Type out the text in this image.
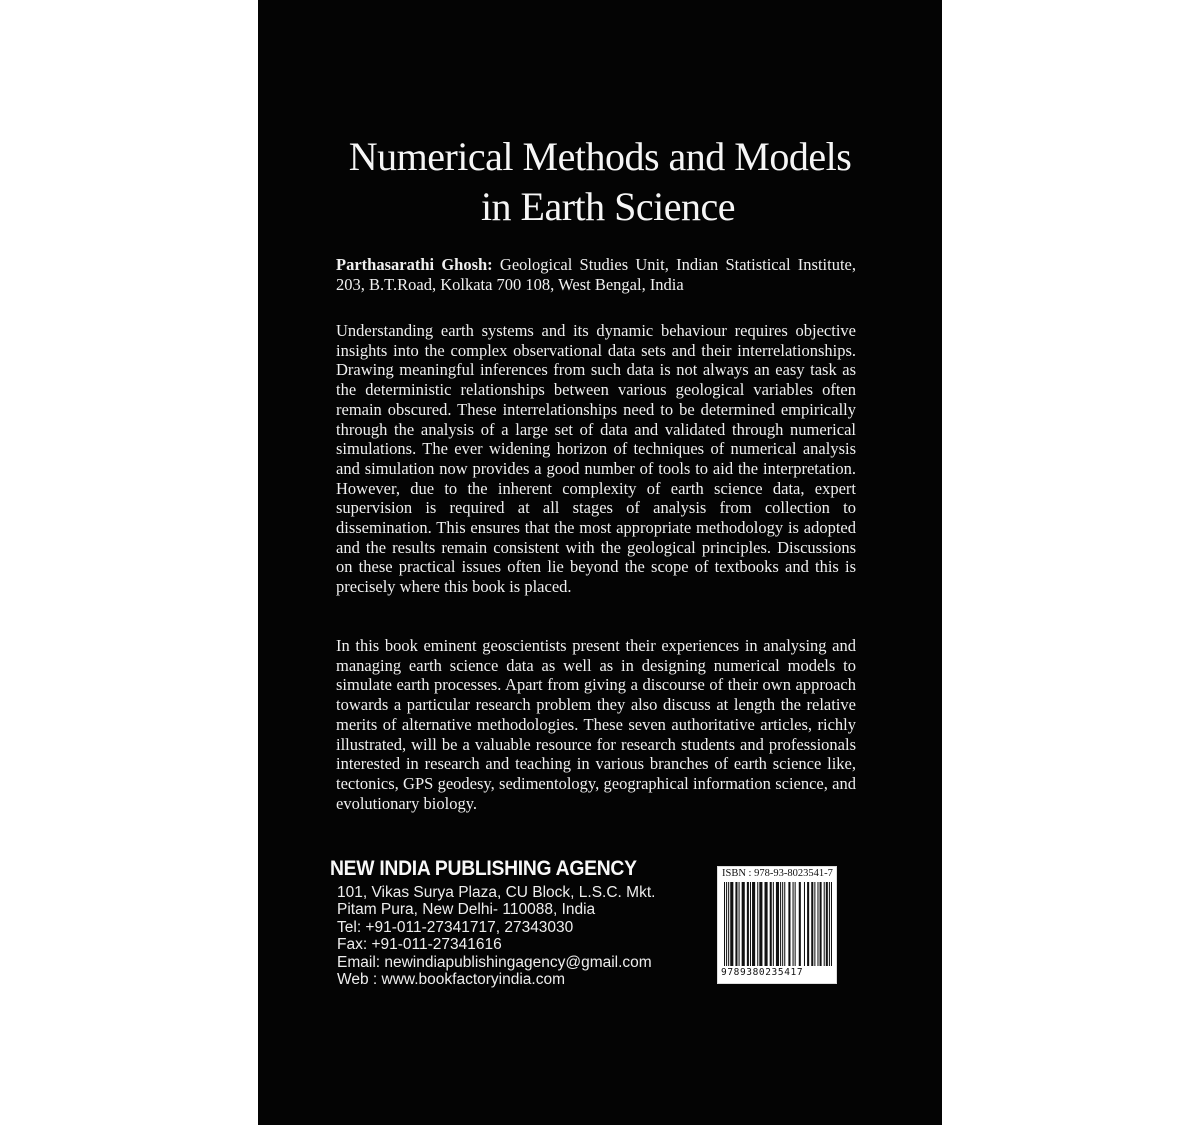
Numerical Methods and Models
in Earth Science
Parthasarathi Ghosh: Geological Studies Unit, Indian Statistical Institute, 203, B.T.Road, Kolkata 700 108, West Bengal, India

Understanding earth systems and its dynamic behaviour requires objective insights into the complex observational data sets and their interrelationships. Drawing meaningful inferences from such data is not always an easy task as the deterministic relationships between various geological variables often remain obscured. These interrelationships need to be determined empirically through the analysis of a large set of data and validated through numerical simulations. The ever widening horizon of techniques of numerical analysis and simulation now provides a good number of tools to aid the interpretation. However, due to the inherent complexity of earth science data, expert supervision is required at all stages of analysis from collection to dissemination. This ensures that the most appropriate methodology is adopted and the results remain consistent with the geological principles. Discussions on these practical issues often lie beyond the scope of textbooks and this is precisely where this book is placed.

In this book eminent geoscientists present their experiences in analysing and managing earth science data as well as in designing numerical models to simulate earth processes. Apart from giving a discourse of their own approach towards a particular research problem they also discuss at length the relative merits of alternative methodologies. These seven authoritative articles, richly illustrated, will be a valuable resource for research students and professionals interested in research and teaching in various branches of earth science like, tectonics, GPS geodesy, sedimentology, geographical information science, and evolutionary biology.

NEW INDIA PUBLISHING AGENCY
101, Vikas Surya Plaza, CU Block, L.S.C. Mkt.
Pitam Pura, New Delhi- 110088, India
Tel: +91-011-27341717, 27343030
Fax: +91-011-27341616
Email: newindiapublishingagency@gmail.com
Web : www.bookfactoryindia.com
ISBN : 978-93-8023541-7
9789380235417
